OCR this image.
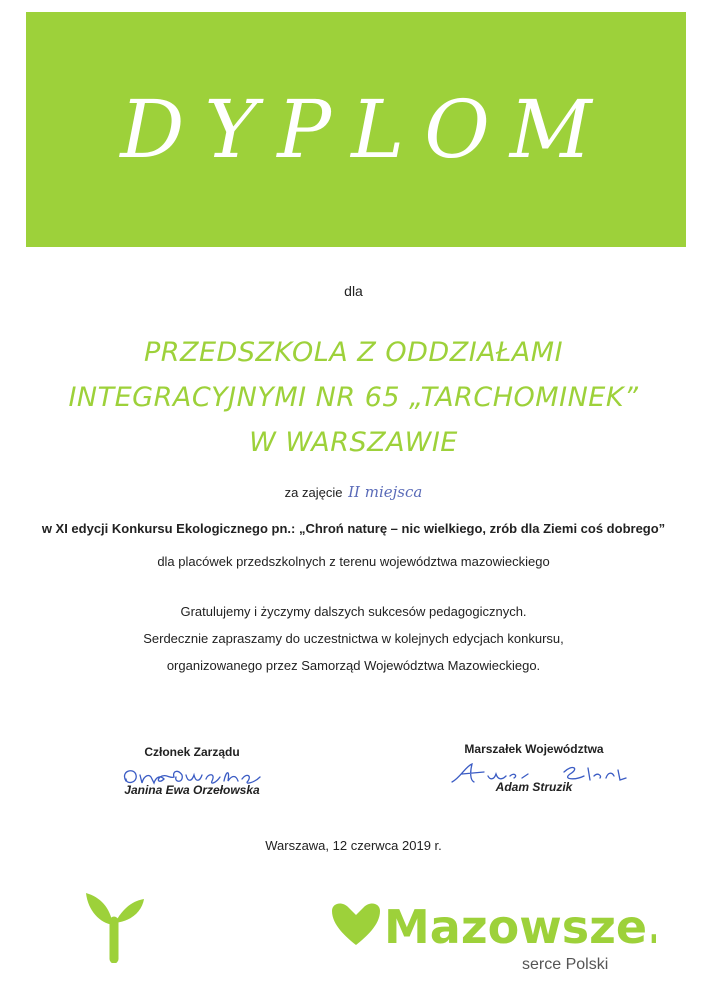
DYPLOM
dla
PRZEDSZKOLA Z ODDZIAŁAMI
INTEGRACYJNYMI NR 65 „TARCHOMINEK”
W WARSZAWIE
za zajęcie II miejsca
w XI edycji Konkursu Ekologicznego pn.: „Chroń naturę – nic wielkiego, zrób dla Ziemi coś dobrego”
dla placówek przedszkolnych z terenu województwa mazowieckiego
Gratulujemy i życzymy dalszych sukcesów pedagogicznych.
Serdecznie zapraszamy do uczestnictwa w kolejnych edycjach konkursu,
organizowanego przez Samorząd Województwa Mazowieckiego.
Członek Zarządu
Janina Ewa Orzełowska
Marszałek Województwa
Adam Struzik
Warszawa, 12 czerwca 2019 r.
Mazowsze.
serce Polski
